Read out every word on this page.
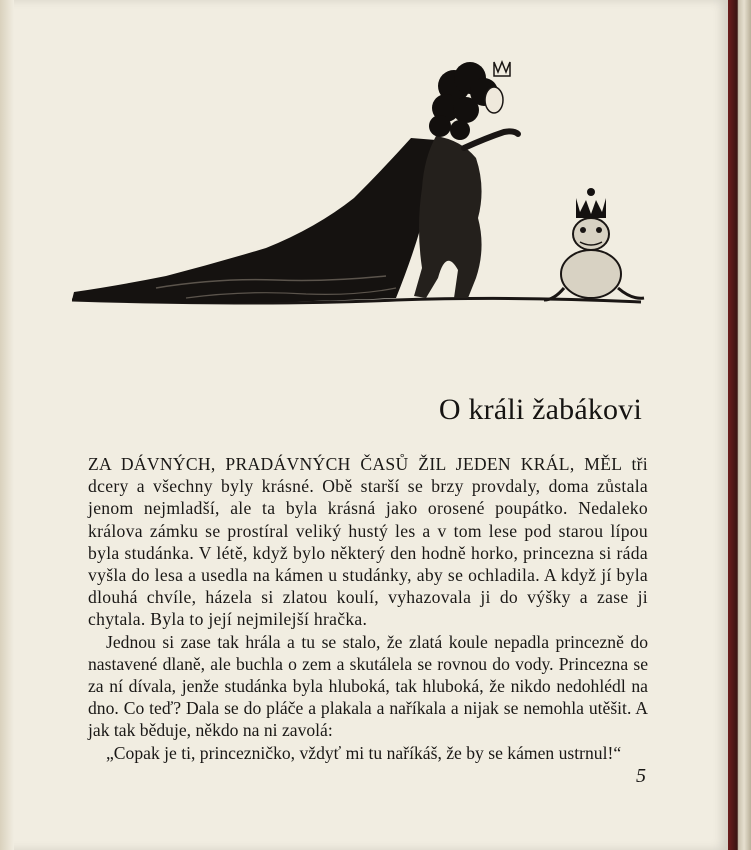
O králi žabákovi

ZA DÁVNÝCH, PRADÁVNÝCH ČASŮ ŽIL JEDEN KRÁL, MĚL tři dcery a všechny byly krásné. Obě starší se brzy provdaly, doma zůstala jenom nejmladší, ale ta byla krásná jako orosené poupátko. Nedaleko králova zámku se prostíral veliký hustý les a v tom lese pod starou lípou byla studánka. V létě, když bylo některý den hodně horko, princezna si ráda vyšla do lesa a usedla na kámen u studánky, aby se ochladila. A když jí byla dlouhá chvíle, házela si zlatou koulí, vyhazovala ji do výšky a zase ji chytala. Byla to její nejmilejší hračka.

Jednou si zase tak hrála a tu se stalo, že zlatá koule nepadla princezně do nastavené dlaně, ale buchla o zem a skutálela se rovnou do vody. Princezna se za ní dívala, jenže studánka byla hluboká, tak hluboká, že nikdo nedohlédl na dno. Co teď? Dala se do pláče a plakala a naříkala a nijak se nemohla utěšit. A jak tak běduje, někdo na ni zavolá:

„Copak je ti, princezničko, vždyť mi tu naříkáš, že by se kámen ustrnul!“

5
